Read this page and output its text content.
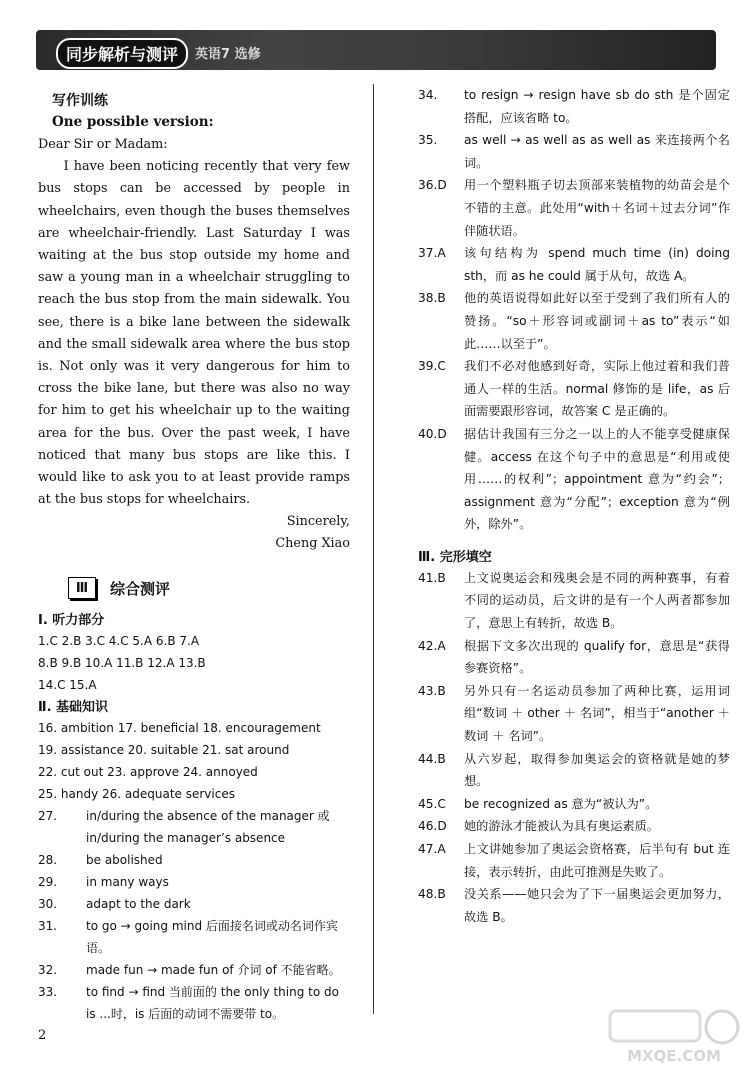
同步解析与测评	英语7 选修
写作训练
One possible version:

Dear Sir or Madam:

I have been noticing recently that very few bus stops can be accessed by people in wheelchairs, even though the buses themselves are wheelchair-friendly. Last Saturday I was waiting at the bus stop outside my home and saw a young man in a wheelchair struggling to reach the bus stop from the main sidewalk. You see, there is a bike lane between the sidewalk and the small sidewalk area where the bus stop is. Not only was it very dangerous for him to cross the bike lane, but there was also no way for him to get his wheelchair up to the waiting area for the bus. Over the past week, I have noticed that many bus stops are like this. I would like to ask you to at least provide ramps at the bus stops for wheelchairs.

Sincerely,
Cheng Xiao
Ⅲ	综合测评
Ⅰ. 听力部分
1.C 2.B 3.C 4.C 5.A 6.B 7.A
8.B 9.B 10.A 11.B 12.A 13.B
14.C 15.A
Ⅱ. 基础知识
16. ambition 17. beneficial 18. encouragement
19. assistance 20. suitable 21. sat around
22. cut out 23. approve 24. annoyed
25. handy 26. adequate services
27.	in/during the absence of the manager 或 in/during the manager’s absence
28.	be abolished
29.	in many ways
30.	adapt to the dark
31.	to go → going mind 后面接名词或动名词作宾语。
32.	made fun → made fun of 介词 of 不能省略。
33.	to find → find 当前面的 the only thing to do is ...时，is 后面的动词不需要带 to。
34.	to resign → resign have sb do sth 是个固定搭配，应该省略 to。
35.	as well → as well as as well as 来连接两个名词。
36.D	用一个塑料瓶子切去顶部来装植物的幼苗会是个不错的主意。此处用“with＋名词＋过去分词”作伴随状语。
37.A	该句结构为 spend much time (in) doing sth，而 as he could 属于从句，故选 A。
38.B	他的英语说得如此好以至于受到了我们所有人的赞扬。“so＋形容词或副词＋as to”表示“如此……以至于”。
39.C	我们不必对他感到好奇，实际上他过着和我们普通人一样的生活。normal 修饰的是 life，as 后面需要跟形容词，故答案 C 是正确的。
40.D	据估计我国有三分之一以上的人不能享受健康保健。access 在这个句子中的意思是“利用或使用……的权利”；appointment 意为“约会”；assignment 意为“分配”；exception 意为“例外，除外”。
Ⅲ. 完形填空
41.B	上文说奥运会和残奥会是不同的两种赛事，有着不同的运动员，后文讲的是有一个人两者都参加了，意思上有转折，故选 B。
42.A	根据下文多次出现的 qualify for，意思是“获得参赛资格”。
43.B	另外只有一名运动员参加了两种比赛，运用词组“数词 ＋ other ＋ 名词”，相当于“another ＋ 数词 ＋ 名词”。
44.B	从六岁起，取得参加奥运会的资格就是她的梦想。
45.C	be recognized as 意为“被认为”。
46.D	她的游泳才能被认为具有奥运素质。
47.A	上文讲她参加了奥运会资格赛，后半句有 but 连接，表示转折，由此可推测是失败了。
48.B	没关系——她只会为了下一届奥运会更加努力，故选 B。
2
MXQE.COM
